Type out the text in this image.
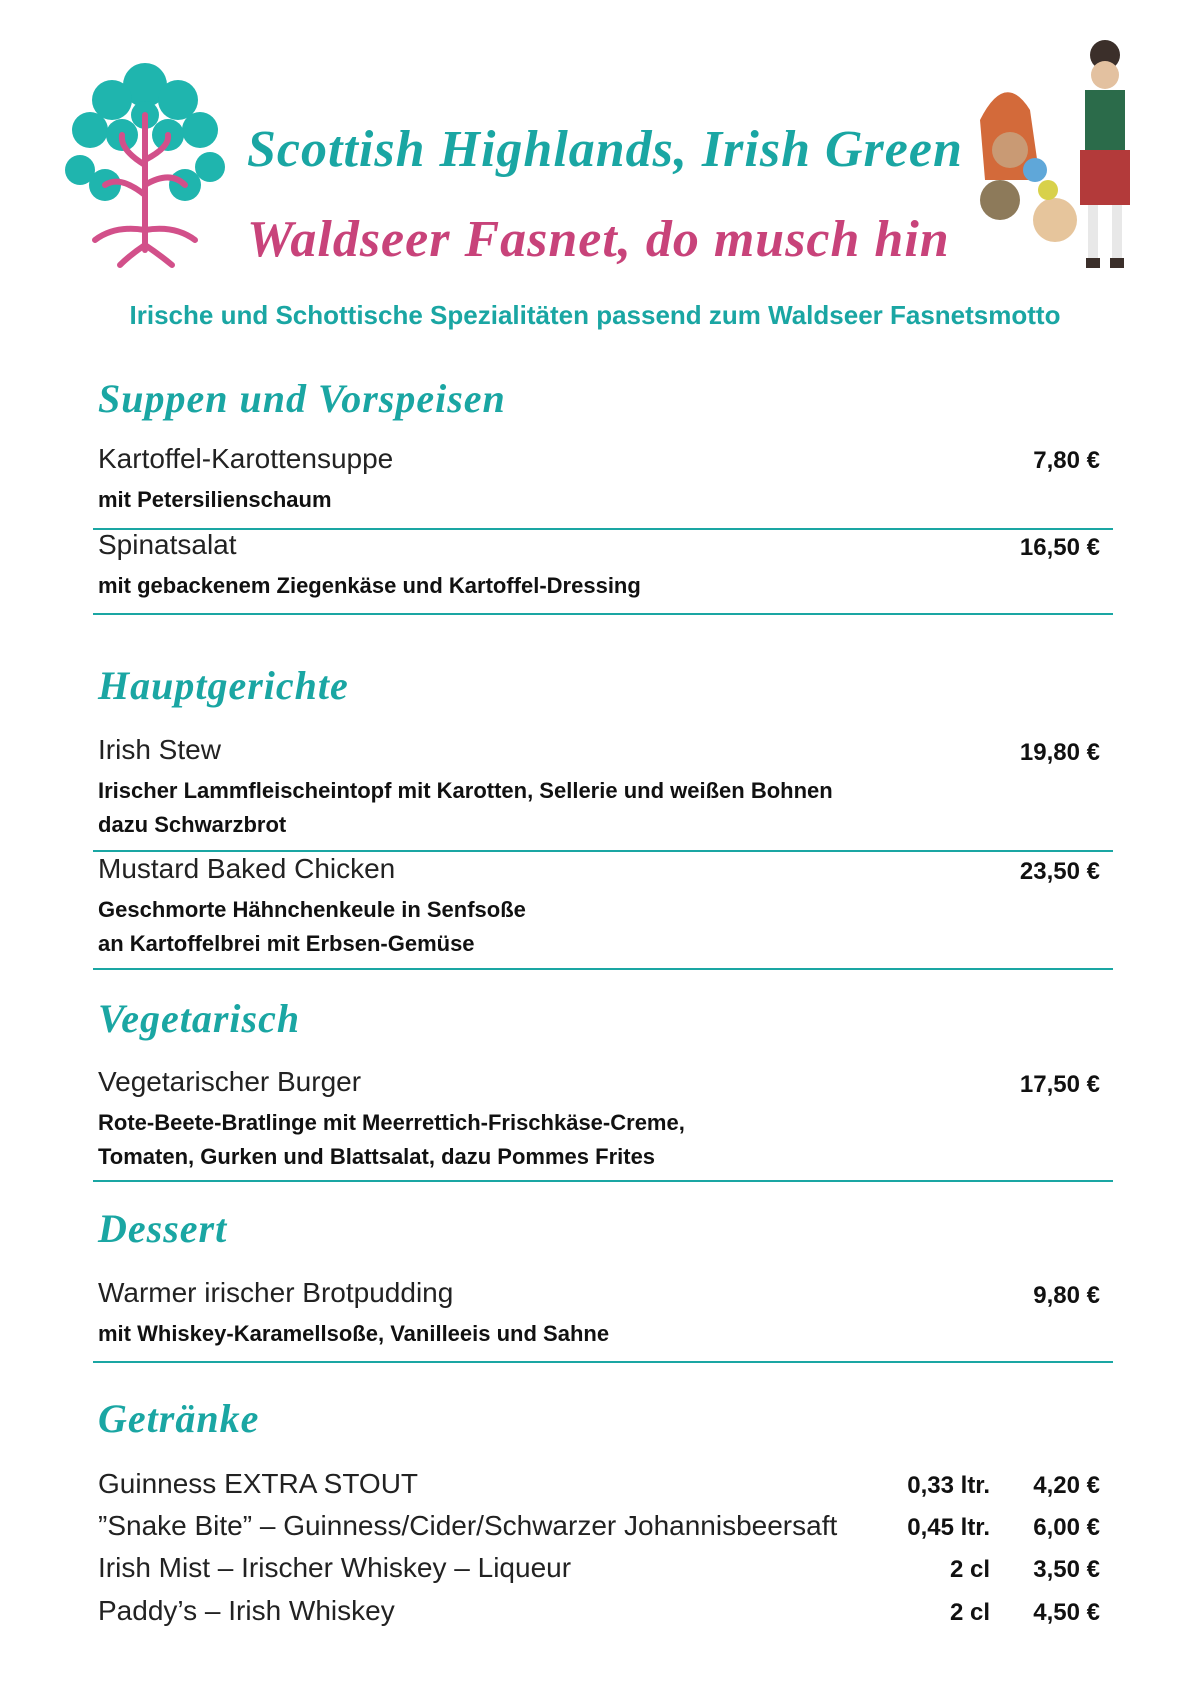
Scottish Highlands, Irish Green
Waldseer Fasnet, do musch hin
Irische und Schottische Spezialitäten passend zum Waldseer Fasnetsmotto
Suppen und Vorspeisen
Kartoffel-Karottensuppe	7,80 €
mit Petersilienschaum
Spinatsalat	16,50 €
mit gebackenem Ziegenkäse und Kartoffel-Dressing
Hauptgerichte
Irish Stew	19,80 €
Irischer Lammfleischeintopf mit Karotten, Sellerie und weißen Bohnen
dazu Schwarzbrot
Mustard Baked Chicken	23,50 €
Geschmorte Hähnchenkeule in Senfsoße
an Kartoffelbrei mit Erbsen-Gemüse
Vegetarisch
Vegetarischer Burger	17,50 €
Rote-Beete-Bratlinge mit Meerrettich-Frischkäse-Creme,
Tomaten, Gurken und Blattsalat, dazu Pommes Frites
Dessert
Warmer irischer Brotpudding	9,80 €
mit Whiskey-Karamellsoße, Vanilleeis und Sahne
Getränke
Guinness EXTRA STOUT	0,33 ltr. 4,20 €
”Snake Bite” – Guinness/Cider/Schwarzer Johannisbeersaft	0,45 ltr. 6,00 €
Irish Mist – Irischer Whiskey – Liqueur	2 cl 3,50 €
Paddy’s – Irish Whiskey	2 cl 4,50 €
